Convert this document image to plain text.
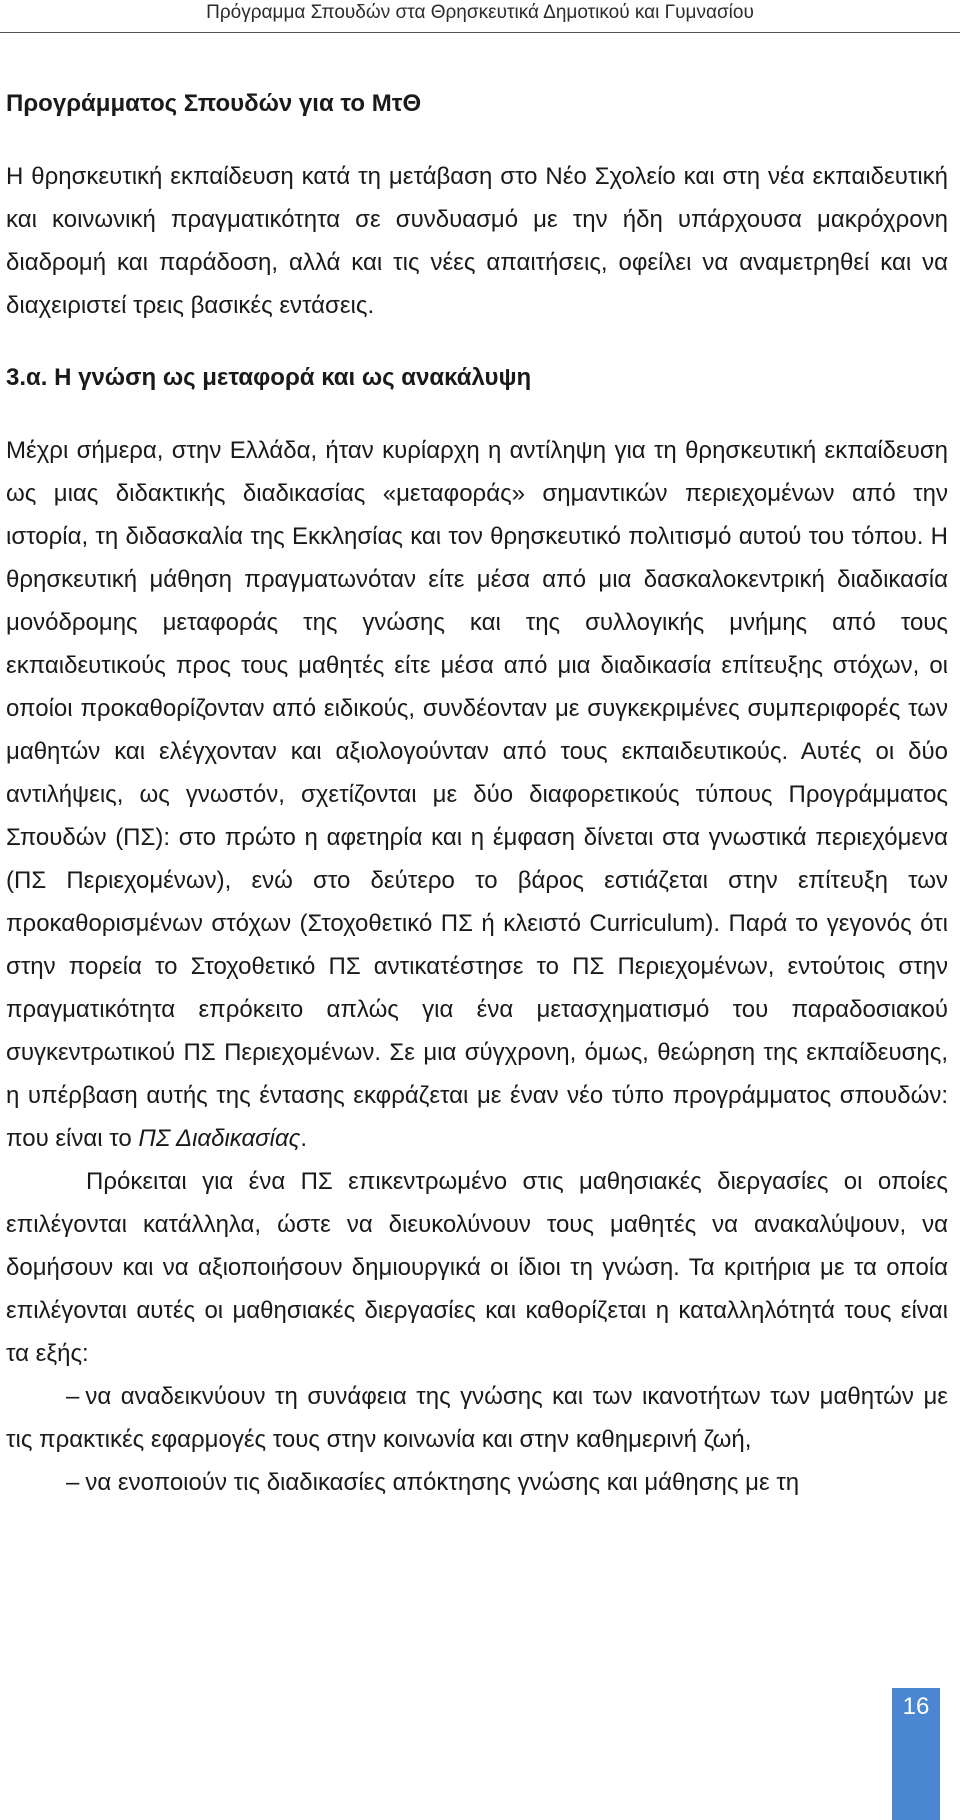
Πρόγραμμα Σπουδών στα Θρησκευτικά Δημοτικού και Γυμνασίου
Προγράμματος Σπουδών για το ΜτΘ

Η θρησκευτική εκπαίδευση κατά τη μετάβαση στο Νέο Σχολείο και στη νέα εκπαιδευτική και κοινωνική πραγματικότητα σε συνδυασμό με την ήδη υπάρχουσα μακρόχρονη διαδρομή και παράδοση, αλλά και τις νέες απαιτήσεις, οφείλει να αναμετρηθεί και να διαχειριστεί τρεις βασικές εντάσεις.

3.α. Η γνώση ως μεταφορά και ως ανακάλυψη

Μέχρι σήμερα, στην Ελλάδα, ήταν κυρίαρχη η αντίληψη για τη θρησκευτική εκπαίδευση ως μιας διδακτικής διαδικασίας «μεταφοράς» σημαντικών περιεχομένων από την ιστορία, τη διδασκαλία της Εκκλησίας και τον θρησκευτικό πολιτισμό αυτού του τόπου. Η θρησκευτική μάθηση πραγματωνόταν είτε μέσα από μια δασκαλοκεντρική διαδικασία μονόδρομης μεταφοράς της γνώσης και της συλλογικής μνήμης από τους εκπαιδευτικούς προς τους μαθητές είτε μέσα από μια διαδικασία επίτευξης στόχων, οι οποίοι προκαθορίζονταν από ειδικούς, συνδέονταν με συγκεκριμένες συμπεριφορές των μαθητών και ελέγχονταν και αξιολογούνταν από τους εκπαιδευτικούς. Αυτές οι δύο αντιλήψεις, ως γνωστόν, σχετίζονται με δύο διαφορετικούς τύπους Προγράμματος Σπουδών (ΠΣ): στο πρώτο η αφετηρία και η έμφαση δίνεται στα γνωστικά περιεχόμενα (ΠΣ Περιεχομένων), ενώ στο δεύτερο το βάρος εστιάζεται στην επίτευξη των προκαθορισμένων στόχων (Στοχοθετικό ΠΣ ή κλειστό Curriculum). Παρά το γεγονός ότι στην πορεία το Στοχοθετικό ΠΣ αντικατέστησε το ΠΣ Περιεχομένων, εντούτοις στην πραγματικότητα επρόκειτο απλώς για ένα μετασχηματισμό του παραδοσιακού συγκεντρωτικού ΠΣ Περιεχομένων. Σε μια σύγχρονη, όμως, θεώρηση της εκπαίδευσης, η υπέρβαση αυτής της έντασης εκφράζεται με έναν νέο τύπο προγράμματος σπουδών: που είναι το ΠΣ Διαδικασίας.

Πρόκειται για ένα ΠΣ επικεντρωμένο στις μαθησιακές διεργασίες οι οποίες επιλέγονται κατάλληλα, ώστε να διευκολύνουν τους μαθητές να ανακαλύψουν, να δομήσουν και να αξιοποιήσουν δημιουργικά οι ίδιοι τη γνώση. Τα κριτήρια με τα οποία επιλέγονται αυτές οι μαθησιακές διεργασίες και καθορίζεται η καταλληλότητά τους είναι τα εξής:

– να αναδεικνύουν τη συνάφεια της γνώσης και των ικανοτήτων των μαθητών με τις πρακτικές εφαρμογές τους στην κοινωνία και στην καθημερινή ζωή,

– να ενοποιούν τις διαδικασίες απόκτησης γνώσης και μάθησης με τη

16
